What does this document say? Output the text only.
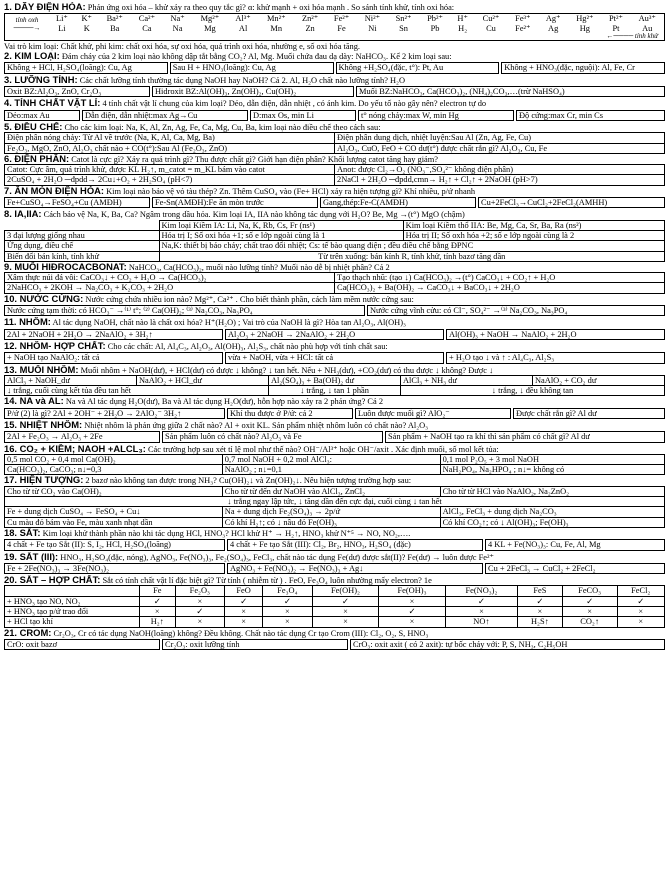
1. DÃY ĐIỆN HÓA: Phản ứng oxi hóa – khử xảy ra theo quy tắc gì? α: khử mạnh + oxi hóa mạnh . So sánh tính khử, tính oxi hóa:
tính oxh
────→
Li⁺	K⁺	Ba²⁺	Ca²⁺	Na⁺	Mg²⁺	Al³⁺	Mn²⁺	Zn²⁺	Fe²⁺	Ni²⁺	Sn²⁺	Pb²⁺	H⁺	Cu²⁺	Fe³⁺	Ag⁺	Hg²⁺	Pt²⁺	Au³⁺
Li	K	Ba	Ca	Na	Mg	Al	Mn	Zn	Fe	Ni	Sn	Pb	H₂	Cu	Fe²⁺	Ag	Hg	Pt	Au
←──── tính khử
Vai trò kim loại: Chất khử, phi kim: chất oxi hóa, sự oxi hóa, quá trình oxi hóa, nhường e, số oxi hóa tăng.
2. KIM LOẠI: Đám cháy của 2 kim loại nào không dập tắt bằng CO₂? Al, Mg. Muối chứa đau dạ dày: NaHCO₃. Kể 2 kim loại sau:
Không + HCl, H₂SO₄(loãng): Cu, Ag	Sau H + HNO₃(loãng): Cu, Ag	Không +H₂SO₄(đặc, t°): Pt, Au	Không + HNO₃(đặc, nguội): Al, Fe, Cr
3. LƯỠNG TÍNH: Các chất lưỡng tính thường tác dụng NaOH hay NaOH? Cả 2. Al, H₂O chất nào lưỡng tính? H₂O
Oxit BZ:Al₂O₃, ZnO, Cr₂O₃	Hidroxit BZ:Al(OH)₃, Zn(OH)₂, Cu(OH)₂	Muối BZ:NaHCO₃, Ca(HCO₃)₂, (NH₄)₂CO₃,…(trừ NaHSO₄)
4. TÍNH CHẤT VẬT LÍ: 4 tính chất vật lí chung của kim loại? Dẻo, dẫn điện, dẫn nhiệt , có ánh kim. Do yếu tố nào gây nên? electron tự do
Dẻo:max Au	Dẫn điện, dẫn nhiệt:max Ag→Cu	D:max Os, min Li	t° nóng chảy:max W, min Hg	Độ cứng:max Cr, min Cs
5. ĐIỀU CHẾ: Cho các kim loại: Na, K, Al, Zn, Ag, Fe, Ca, Mg, Cu, Ba, kim loại nào điều chế theo cách sau:
Điện phân nóng chảy: Từ Al về trước (Na, K, Al, Ca, Mg, Ba)	Điện phân dung dịch, nhiệt luyện:Sau Al (Zn, Ag, Fe, Cu)
Fe₂O₃, MgO, ZnO, Al₂O₃ chất nào + CO(t°):Sau Al (Fe₂O₃, ZnO)	Al₂O₃, CuO, FeO + CO dư(t°) được chất rắn gì? Al₂O₃, Cu, Fe
6. ĐIỆN PHÂN: Catot là cực gì? Xảy ra quá trình gì? Thu được chất gì? Giới hạn điện phân? Khối lượng catot tăng hay giảm?
Catot: Cực âm, quá trình khử, được KL H₂↑, m_catot = m_KL bám vào catot	Anot: được Cl₂→O₂ (NO₃⁻,SO₄²⁻ không điện phân)
2CuSO₄ + 2H₂O ─đpdd→ 2Cu↓+O₂ + 2H₂SO₄ (pH<7)	2NaCl + 2H₂O ─đpdd,cmn→ H₂↑ + Cl₂↑ + 2NaOH (pH>7)
7. ĂN MÒN ĐIỆN HÓA: Kim loại nào bảo vệ vỏ tàu thép? Zn. Thêm CuSO₄ vào (Fe+ HCl) xảy ra hiện tượng gì? Khí nhiều, p/ứ nhanh
Fe+CuSO₄→FeSO₄+Cu (AMĐH)	Fe-Sn(AMĐH):Fe ăn mòn trước	Gang,thép:Fe-C(AMĐH)	Cu+2FeCl₃→CuCl₂+2FeCl₂(AMHH)
8. IA,IIA: Cách bảo vệ Na, K, Ba, Ca? Ngâm trong dầu hỏa. Kim loại IA, IIA nào không tác dụng với H₂O? Be, Mg →(t°) MgO (chậm)
	Kim loại Kiềm IA: Li, Na, K, Rb, Cs, Fr (ns¹)	Kim loại Kiềm thổ IIA: Be, Mg, Ca, Sr, Ba, Ra (ns²)
3 đại lượng giống nhau	Hóa trị I; Số oxi hóa +1; số e lớp ngoài cùng là 1	Hóa trị II; Số oxh hóa +2; số e lớp ngoài cùng là 2
Ứng dụng, điều chế	Na,K: thiết bị báo cháy; chất trao đổi nhiệt; Cs: tế bào quang điện ; đều điều chế bằng ĐPNC	
Biến đổi bán kính, tính khử	Từ trên xuống: bán kính R, tính khử, tính bazơ tăng dần	
9. MUỐI HIĐROCACBONAT: NaHCO₃, Ca(HCO₃)₂, muối nào lưỡng tính? Muối nào dễ bị nhiệt phân? Cả 2
Xâm thực núi đá vôi: CaCO₃↓ + CO₂ + H₂O → Ca(HCO₃)₂	Tạo thạch nhũ: (tạo ↓) Ca(HCO₃)₂ →(t°) CaCO₃↓ + CO₂↑ + H₂O
2NaHCO₃ + 2KOH → Na₂CO₃ + K₂CO₃ + 2H₂O	Ca(HCO₃)₂ + Ba(OH)₂ → CaCO₃↓ + BaCO₃↓ + 2H₂O
10. NƯỚC CỨNG: Nước cứng chứa nhiều ion nào? Mg²⁺, Ca²⁺ . Cho biết thành phần, cách làm mềm nước cứng sau:
Nước cứng tạm thời: có HCO₃⁻ →⁽¹⁾ t°; ⁽²⁾ Ca(OH)₂; ⁽³⁾ Na₂CO₃, Na₃PO₄	Nước cứng vĩnh cửu: có Cl⁻, SO₄²⁻ →⁽³⁾ Na₂CO₃, Na₃PO₄
11. NHÔM: Al tác dụng NaOH, chất nào là chất oxi hóa? H⁺(H₂O) ; Vai trò của NaOH là gì? Hòa tan Al₂O₃, Al(OH)₃
2Al + 2NaOH + 2H₂O → 2NaAlO₂ + 3H₂↑	Al₂O₃ + 2NaOH → 2NaAlO₂ + 2H₂O	Al(OH)₃ + NaOH → NaAlO₂ + 2H₂O
12. NHÔM- HỢP CHẤT: Cho các chất: Al, Al₄C₃, Al₂O₃, Al(OH)₃, Al₂S₃, chất nào phù hợp với tính chất sau:
+ NaOH tạo NaAlO₂: tất cả	vừa + NaOH, vừa + HCl: tất cả	+ H₂O tạo ↓ và ↑ : Al₄C₃, Al₂S₃
13. MUỐI NHÔM: Muối nhôm + NaOH(dư), + HCl(dư) có được ↓ không? ↓ tan hết. Nếu + NH₃(dư), +CO₂(dư) có thu được ↓ không? Được ↓
AlCl₃ + NaOH_dư	NaAlO₂ + HCl_dư	Al₂(SO₄)₃ + Ba(OH)₂ dư	AlCl₃ + NH₃ dư	NaAlO₂ + CO₂ dư
↓ trắng, cuối cùng kết tủa đều tan hết		↓ trắng, ↓ tan 1 phần	↓ trắng, ↓ đều không tan	
14. NA và AL: Na và Al tác dụng H₂O(dư), Ba và Al tác dụng H₂O(dư), hỗn hợp nào xảy ra 2 phản ứng? Cả 2
P/ứ (2) là gì? 2Al + 2OH⁻ + 2H₂O → 2AlO₂⁻ 3H₂↑	Khí thu được ở P/ứ: cả 2	Luôn được muối gì? AlO₂⁻	Được chất rắn gì? Al dư
15. NHIỆT NHÔM: Nhiệt nhôm là phản ứng giữa 2 chất nào? Al + oxit KL. Sản phẩm nhiệt nhôm luôn có chất nào? Al₂O₃
2Al + Fe₂O₃ → Al₂O₃ + 2Fe	Sản phẩm luôn có chất nào? Al₂O₃ và Fe	Sản phẩm + NaOH tạo ra khí thì sản phẩm có chất gì? Al dư
16. CO₂ + KIỀM; NAOH +ALCL₃: Các trường hợp sau xét tỉ lệ mol như thế nào? OH⁻/Al³⁺ hoặc OH⁻/axit . Xác định muối, số mol kết tủa:
0,5 mol CO₂ + 0,4 mol Ca(OH)₂	0,7 mol NaOH + 0,2 mol AlCl₃:	0,1 mol P₂O₅ + 3 mol NaOH
Ca(HCO₃)₂, CaCO₃; n↓=0,3	NaAlO₂ ; n↓=0,1	NaH₂PO₄, Na₂HPO₄ ; n↓= không có
17. HIỆN TƯỢNG: 2 bazơ nào không tan được trong NH₃? Cu(OH)₂↓ và Zn(OH)₂↓. Nêu hiện tượng trường hợp sau:
Cho từ từ CO₂ vào Ca(OH)₂	Cho từ từ đến dư NaOH vào AlCl₃, ZnCl₂	Cho từ từ HCl vào NaAlO₂, Na₂ZnO₂
↓ trắng ngay lập tức, ↓ tăng dần đến cực đại, cuối cùng ↓ tan hết		
Fe + dung dịch CuSO₄ → FeSO₄ + Cu↓	Na + dung dịch Fe₂(SO₄)₃ → 2p/ứ	AlCl₃, FeCl₃ + dung dịch Na₂CO₃
Cu màu đỏ bám vào Fe, màu xanh nhạt dần	Có khí H₂↑; có ↓ nâu đỏ Fe(OH)₃	Có khí CO₂↑; có ↓ Al(OH)₃; Fe(OH)₃
18. SẮT: Kim loại khử thành phần nào khi tác dụng HCl, HNO₃? HCl khử H⁺ → H₂↑, HNO₃ khử N⁺⁵ → NO, NO₂,….
4 chất + Fe tạo Sắt (II): S, I₂, HCl, H₂SO₄(loãng)	4 chất + Fe tạo Sắt (III): Cl₂, Br₂, HNO₃, H₂SO₄ (đặc)	4 KL + Fe(NO₃)₃: Cu, Fe, Al, Mg
19. SẮT (III): HNO₃, H₂SO₄(đặc, nóng), AgNO₃, Fe(NO₃)₃, Fe₂(SO₄)₃, FeCl₃, chất nào tác dụng Fe(dư) được sắt(II)? Fe(dư) → luôn được Fe²⁺
Fe + 2Fe(NO₃)₃ → 3Fe(NO₃)₂	AgNO₃ + Fe(NO₃)₂ → Fe(NO₃)₃ + Ag↓	Cu + 2FeCl₃ → CuCl₂ + 2FeCl₂
20. SẮT – HỢP CHẤT: Sắt có tính chất vật lí đặc biệt gì? Từ tính ( nhiễm từ ) . FeO, Fe₃O₄ luôn nhường mấy electron? 1e
	Fe	Fe₂O₃	FeO	Fe₃O₄	Fe(OH)₂	Fe(OH)₃	Fe(NO₃)₂	FeS	FeCO₃	FeCl₂
+ HNO₃ tạo NO, NO₂	✓	×	✓	✓	✓	×	✓	✓	✓	✓
+ HNO₃ tạo p/ứ trao đổi	×	✓	×	×	×	✓	×	×	×	×
+ HCl tạo khí	H₂↑	×	×	×	×	×	NO↑	H₂S↑	CO₂↑	×
21. CROM: Cr₂O₃, Cr có tác dụng NaOH(loãng) không? Đều không. Chất nào tác dụng Cr tạo Crom (III): Cl₂, O₂, S, HNO₃
CrO: oxit bazơ	Cr₂O₃: oxit lưỡng tính	CrO₃: oxit axit ( có 2 axit): tự bốc cháy với: P, S, NH₃, C₂H₅OH
